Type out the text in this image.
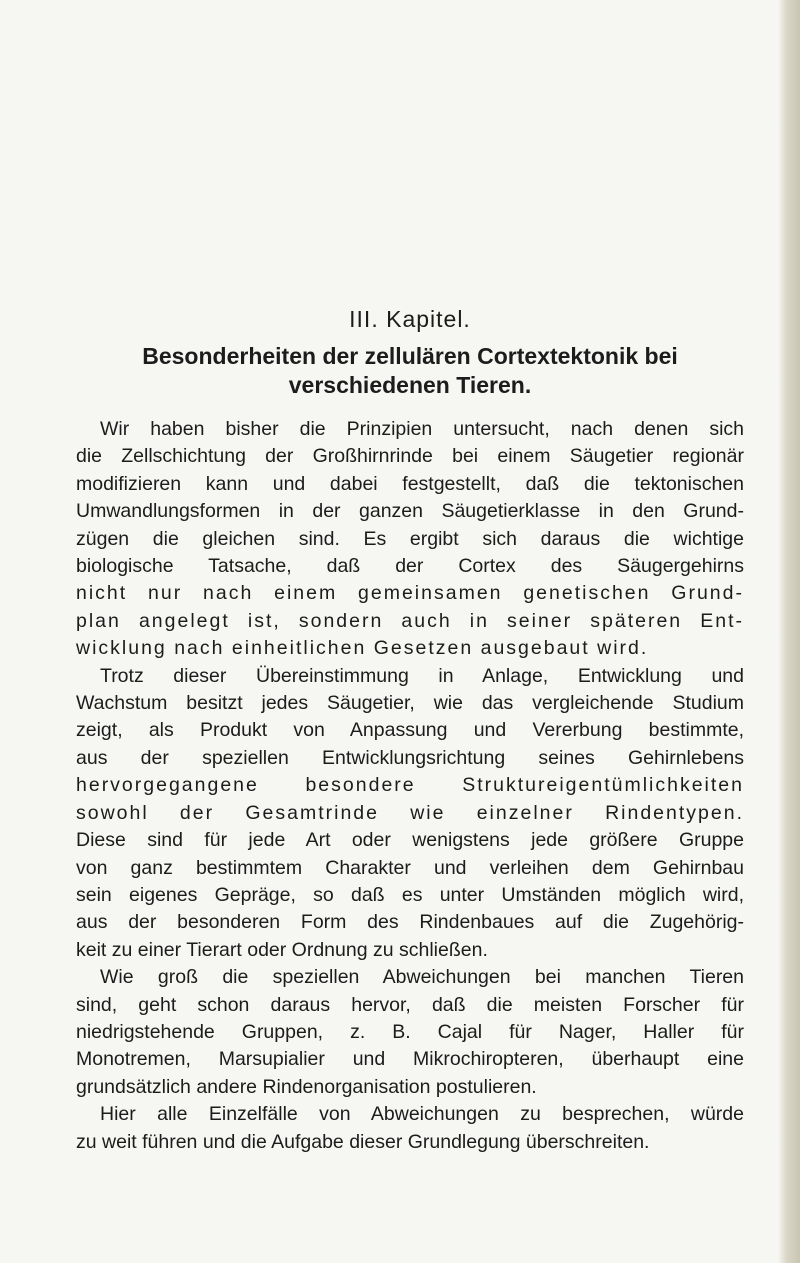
III. Kapitel.
Besonderheiten der zellulären Cortextektonik bei
verschiedenen Tieren.
Wir haben bisher die Prinzipien untersucht, nach denen sich
die Zellschichtung der Großhirnrinde bei einem Säugetier regionär
modifizieren kann und dabei festgestellt, daß die tektonischen
Umwandlungsformen in der ganzen Säugetierklasse in den Grund-
zügen die gleichen sind. Es ergibt sich daraus die wichtige
biologische Tatsache, daß der Cortex des Säugergehirns
nicht nur nach einem gemeinsamen genetischen Grund-
plan angelegt ist, sondern auch in seiner späteren Ent-
wicklung nach einheitlichen Gesetzen ausgebaut wird.
Trotz dieser Übereinstimmung in Anlage, Entwicklung und
Wachstum besitzt jedes Säugetier, wie das vergleichende Studium
zeigt, als Produkt von Anpassung und Vererbung bestimmte,
aus der speziellen Entwicklungsrichtung seines Gehirnlebens
hervorgegangene besondere Struktureigentümlichkeiten
sowohl der Gesamtrinde wie einzelner Rindentypen.
Diese sind für jede Art oder wenigstens jede größere Gruppe
von ganz bestimmtem Charakter und verleihen dem Gehirnbau
sein eigenes Gepräge, so daß es unter Umständen möglich wird,
aus der besonderen Form des Rindenbaues auf die Zugehörig-
keit zu einer Tierart oder Ordnung zu schließen.
Wie groß die speziellen Abweichungen bei manchen Tieren
sind, geht schon daraus hervor, daß die meisten Forscher für
niedrigstehende Gruppen, z. B. Cajal für Nager, Haller für
Monotremen, Marsupialier und Mikrochiropteren, überhaupt eine
grundsätzlich andere Rindenorganisation postulieren.
Hier alle Einzelfälle von Abweichungen zu besprechen, würde
zu weit führen und die Aufgabe dieser Grundlegung überschreiten.
